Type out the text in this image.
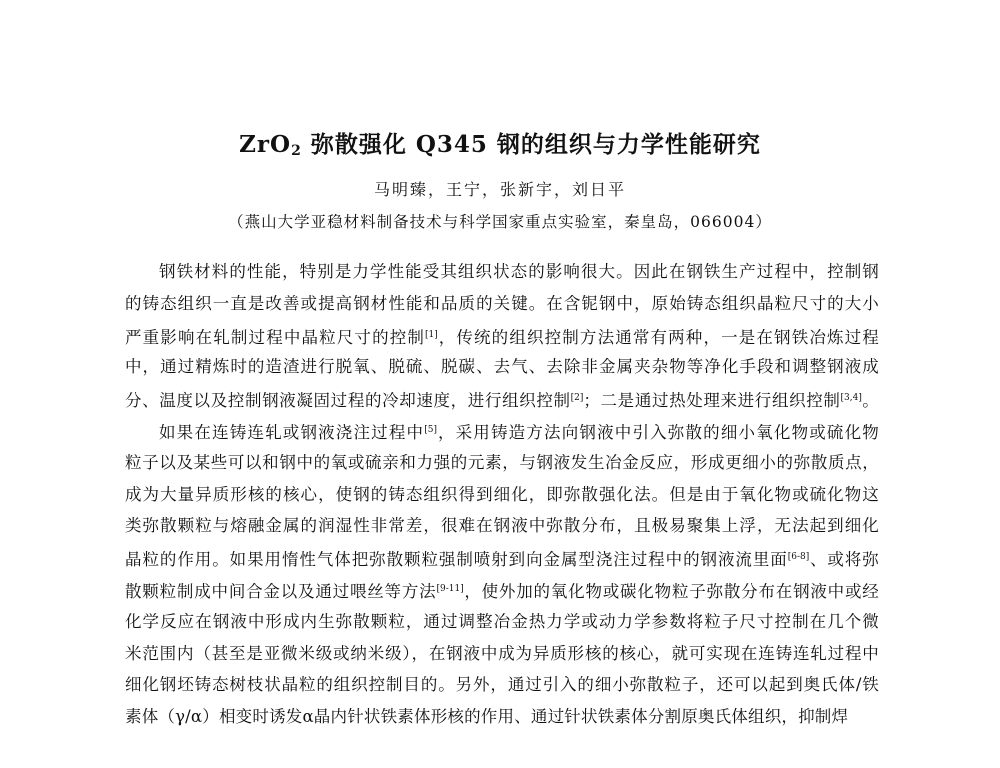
ZrO$_2$ 弥散强化 Q345 钢的组织与力学性能研究
马明臻，王宁，张新宇，刘日平
（燕山大学亚稳材料制备技术与科学国家重点实验室，秦皇岛，066004）
钢铁材料的性能，特别是力学性能受其组织状态的影响很大。因此在钢铁生产过程中，控制钢
的铸态组织一直是改善或提高钢材性能和品质的关键。在含铌钢中，原始铸态组织晶粒尺寸的大小
严重影响在轧制过程中晶粒尺寸的控制[1]，传统的组织控制方法通常有两种，一是在钢铁冶炼过程
中，通过精炼时的造渣进行脱氧、脱硫、脱碳、去气、去除非金属夹杂物等净化手段和调整钢液成
分、温度以及控制钢液凝固过程的冷却速度，进行组织控制[2]；二是通过热处理来进行组织控制[3,4]。
如果在连铸连轧或钢液浇注过程中[5]，采用铸造方法向钢液中引入弥散的细小氧化物或硫化物
粒子以及某些可以和钢中的氧或硫亲和力强的元素，与钢液发生冶金反应，形成更细小的弥散质点，
成为大量异质形核的核心，使钢的铸态组织得到细化，即弥散强化法。但是由于氧化物或硫化物这
类弥散颗粒与熔融金属的润湿性非常差，很难在钢液中弥散分布，且极易聚集上浮，无法起到细化
晶粒的作用。如果用惰性气体把弥散颗粒强制喷射到向金属型浇注过程中的钢液流里面[6-8]、或将弥
散颗粒制成中间合金以及通过喂丝等方法[9-11]，使外加的氧化物或碳化物粒子弥散分布在钢液中或经
化学反应在钢液中形成内生弥散颗粒，通过调整冶金热力学或动力学参数将粒子尺寸控制在几个微
米范围内（甚至是亚微米级或纳米级），在钢液中成为异质形核的核心，就可实现在连铸连轧过程中
细化钢坯铸态树枝状晶粒的组织控制目的。另外，通过引入的细小弥散粒子，还可以起到奥氏体/铁
素体（γ/α）相变时诱发α晶内针状铁素体形核的作用、通过针状铁素体分割原奥氏体组织，抑制焊
